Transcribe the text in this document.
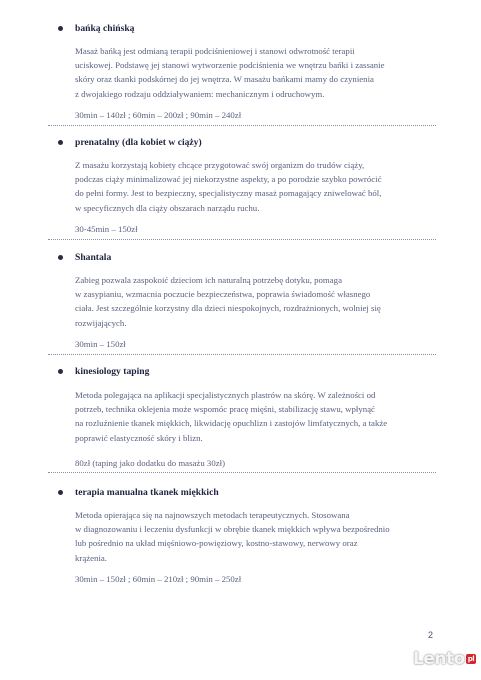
bańką chińską
Masaż bańką jest odmianą terapii podciśnieniowej i stanowi odwrotność terapii
uciskowej. Podstawę jej stanowi wytworzenie podciśnienia we wnętrzu bańki i zassanie
skóry oraz tkanki podskórnej do jej wnętrza. W masażu bańkami mamy do czynienia
z dwojakiego rodzaju oddziaływaniem: mechanicznym i odruchowym.
30min – 140zł ; 60min – 200zł ; 90min – 240zł
prenatalny (dla kobiet w ciąży)
Z masażu korzystają kobiety chcące przygotować swój organizm do trudów ciąży,
podczas ciąży minimalizować jej niekorzystne aspekty, a po porodzie szybko powrócić
do pełni formy. Jest to bezpieczny, specjalistyczny masaż pomagający zniwelować ból,
w specyficznych dla ciąży obszarach narządu ruchu.
30-45min – 150zł
Shantala
Zabieg pozwala zaspokoić dzieciom ich naturalną potrzebę dotyku, pomaga
w zasypianiu, wzmacnia poczucie bezpieczeństwa, poprawia świadomość własnego
ciała. Jest szczególnie korzystny dla dzieci niespokojnych, rozdrażnionych, wolniej się
rozwijających.
30min – 150zł
kinesiology taping
Metoda polegająca na aplikacji specjalistycznych plastrów na skórę. W zależności od
potrzeb, technika oklejenia może wspomóc pracę mięśni, stabilizację stawu, wpłynąć
na rozluźnienie tkanek miękkich, likwidację opuchlizn i zastojów limfatycznych, a także
poprawić elastyczność skóry i blizn.
80zł (taping jako dodatku do masażu 30zł)
terapia manualna tkanek miękkich
Metoda opierająca się na najnowszych metodach terapeutycznych. Stosowana
w diagnozowaniu i leczeniu dysfunkcji w obrębie tkanek miękkich wpływa bezpośrednio
lub pośrednio na układ mięśniowo-powięziowy, kostno-stawowy, nerwowy oraz
krążenia.
30min – 150zł ; 60min – 210zł ; 90min – 250zł
2
Lento pl
